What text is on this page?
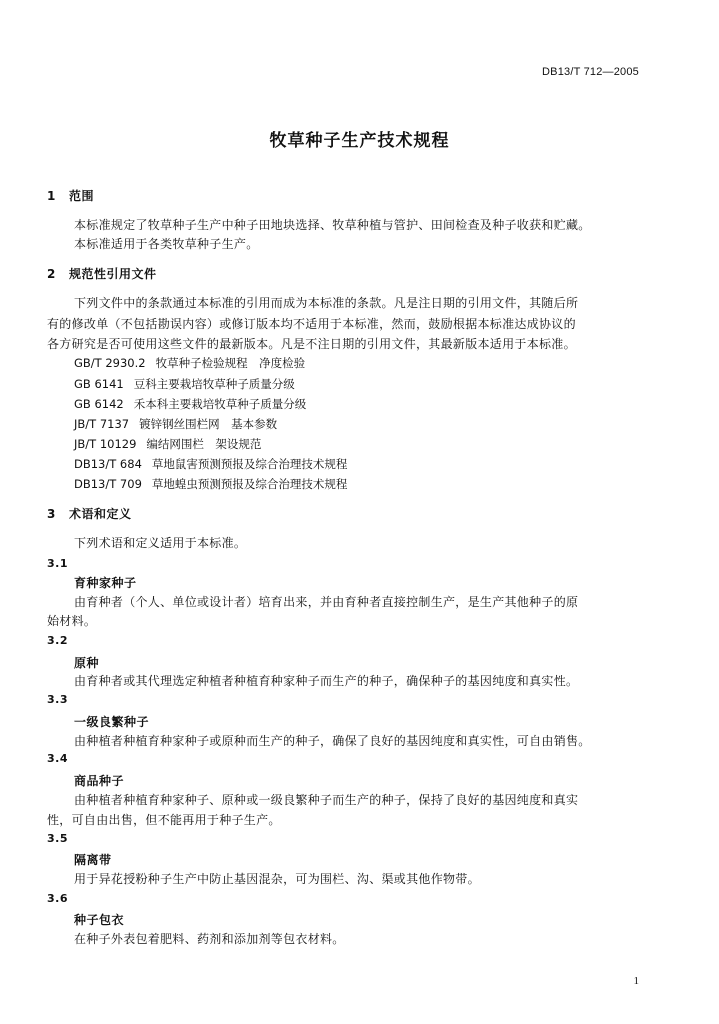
DB13/T 712—2005
牧草种子生产技术规程
1 范围
本标准规定了牧草种子生产中种子田地块选择、牧草种植与管护、田间检查及种子收获和贮藏。
本标准适用于各类牧草种子生产。
2 规范性引用文件
下列文件中的条款通过本标准的引用而成为本标准的条款。凡是注日期的引用文件，其随后所
有的修改单（不包括勘误内容）或修订版本均不适用于本标准，然而，鼓励根据本标准达成协议的
各方研究是否可使用这些文件的最新版本。凡是不注日期的引用文件，其最新版本适用于本标准。
GB/T 2930.2 牧草种子检验规程　净度检验
GB 6141 豆科主要栽培牧草种子质量分级
GB 6142 禾本科主要栽培牧草种子质量分级
JB/T 7137 镀锌钢丝围栏网　基本参数
JB/T 10129 编结网围栏　架设规范
DB13/T 684 草地鼠害预测预报及综合治理技术规程
DB13/T 709 草地蝗虫预测预报及综合治理技术规程
3 术语和定义
下列术语和定义适用于本标准。
3.1
育种家种子
由育种者（个人、单位或设计者）培育出来，并由育种者直接控制生产，是生产其他种子的原
始材料。
3.2
原种
由育种者或其代理选定种植者种植育种家种子而生产的种子，确保种子的基因纯度和真实性。
3.3
一级良繁种子
由种植者种植育种家种子或原种而生产的种子，确保了良好的基因纯度和真实性，可自由销售。
3.4
商品种子
由种植者种植育种家种子、原种或一级良繁种子而生产的种子，保持了良好的基因纯度和真实
性，可自由出售，但不能再用于种子生产。
3.5
隔离带
用于异花授粉种子生产中防止基因混杂，可为围栏、沟、渠或其他作物带。
3.6
种子包衣
在种子外表包着肥料、药剂和添加剂等包衣材料。
1
